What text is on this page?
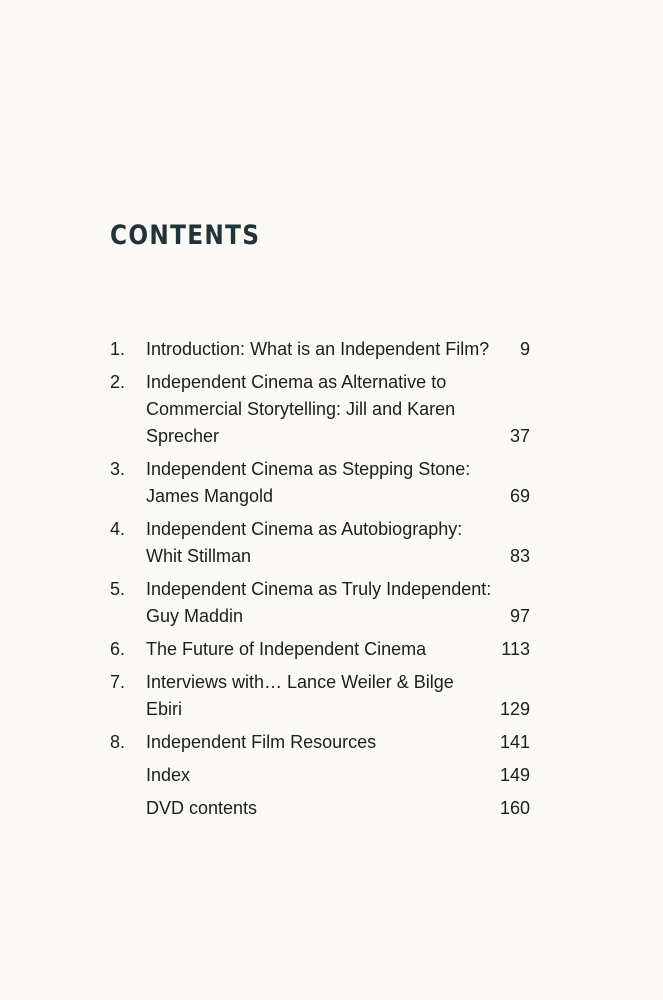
CONTENTS
1.	Introduction: What is an Independent Film?	9
2.	Independent Cinema as Alternative to
Commercial Storytelling: Jill and Karen
Sprecher	37
3.	Independent Cinema as Stepping Stone:
James Mangold	69
4.	Independent Cinema as Autobiography:
Whit Stillman	83
5.	Independent Cinema as Truly Independent:
Guy Maddin	97
6.	The Future of Independent Cinema	113
7.	Interviews with… Lance Weiler & Bilge
Ebiri	129
8.	Independent Film Resources	141
Index	149
DVD contents	160
